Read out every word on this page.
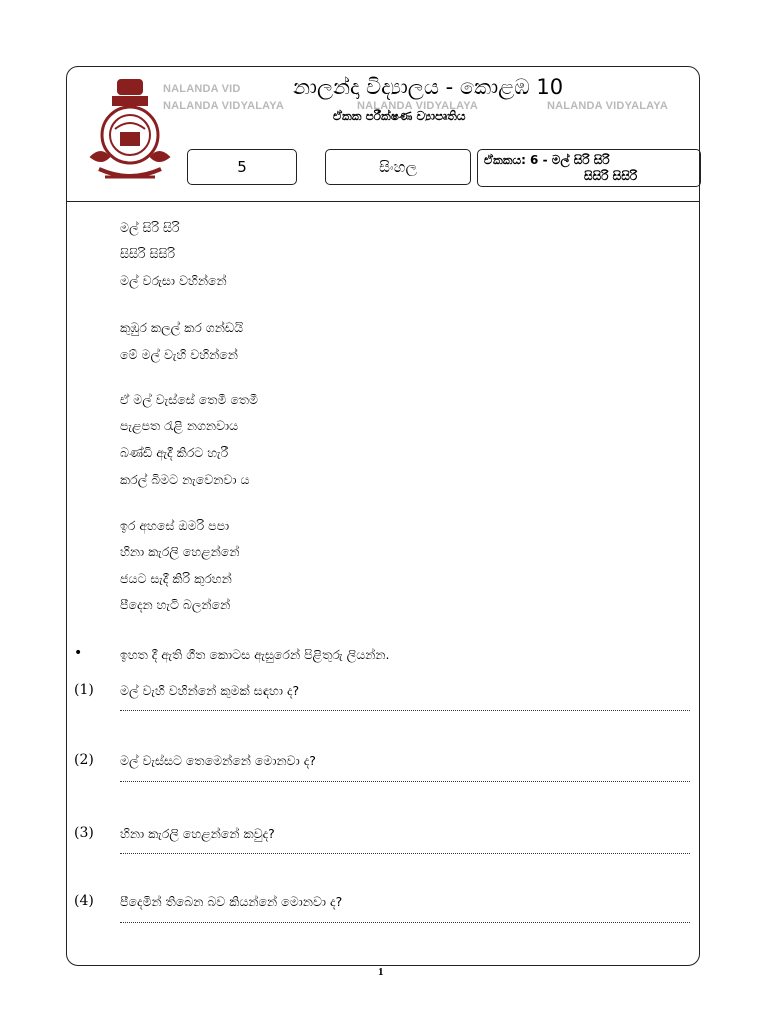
NALANDA VID
NALANDA VIDYALAYA	NALANDA VIDYALAYA	NALANDA VIDYALAYA
නාලන්දා විද්‍යාලය - කොළඹ 10
ඒකක පරීක්ෂණ ව්‍යාපෘතිය
5	සිංහල	ඒකකය: 6 - මල් සිරි සිරි
සිසිරි සිසිරි
මල් සිරි සිරි
සිසිරි සිසිරි
මල් වරුසා වහින්නේ
කුඹුර කලල් කර ගන්ඩයි
මේ මල් වැහි වහින්නේ
ඒ මල් වැස්සේ තෙමී තෙමී
පැළපත රැළි නගනවාය
බණ්ඩි ඇදී කිරට හැරී
කරල් බිමට නැවෙනවා ය
ඉර අහසේ ඔමරි පපා
හිනා කැරලි හෙළන්නේ
ජයට සැදී කිරි කුරහන්
පීදෙන හැටි බලන්නේ
•	ඉහත දී ඇති ගීත කොටස ඇසුරෙන් පිළිතුරු ලියන්න.
(1) මල් වැහි වහින්නේ කුමක් සඳහා ද?
(2) මල් වැස්සට තෙමෙන්නේ මොනවා ද?
(3) හිනා කැරලි හෙළන්නේ කවුද?
(4) පීදෙමින් තිබෙන බව කියන්නේ මොනවා ද?
1
